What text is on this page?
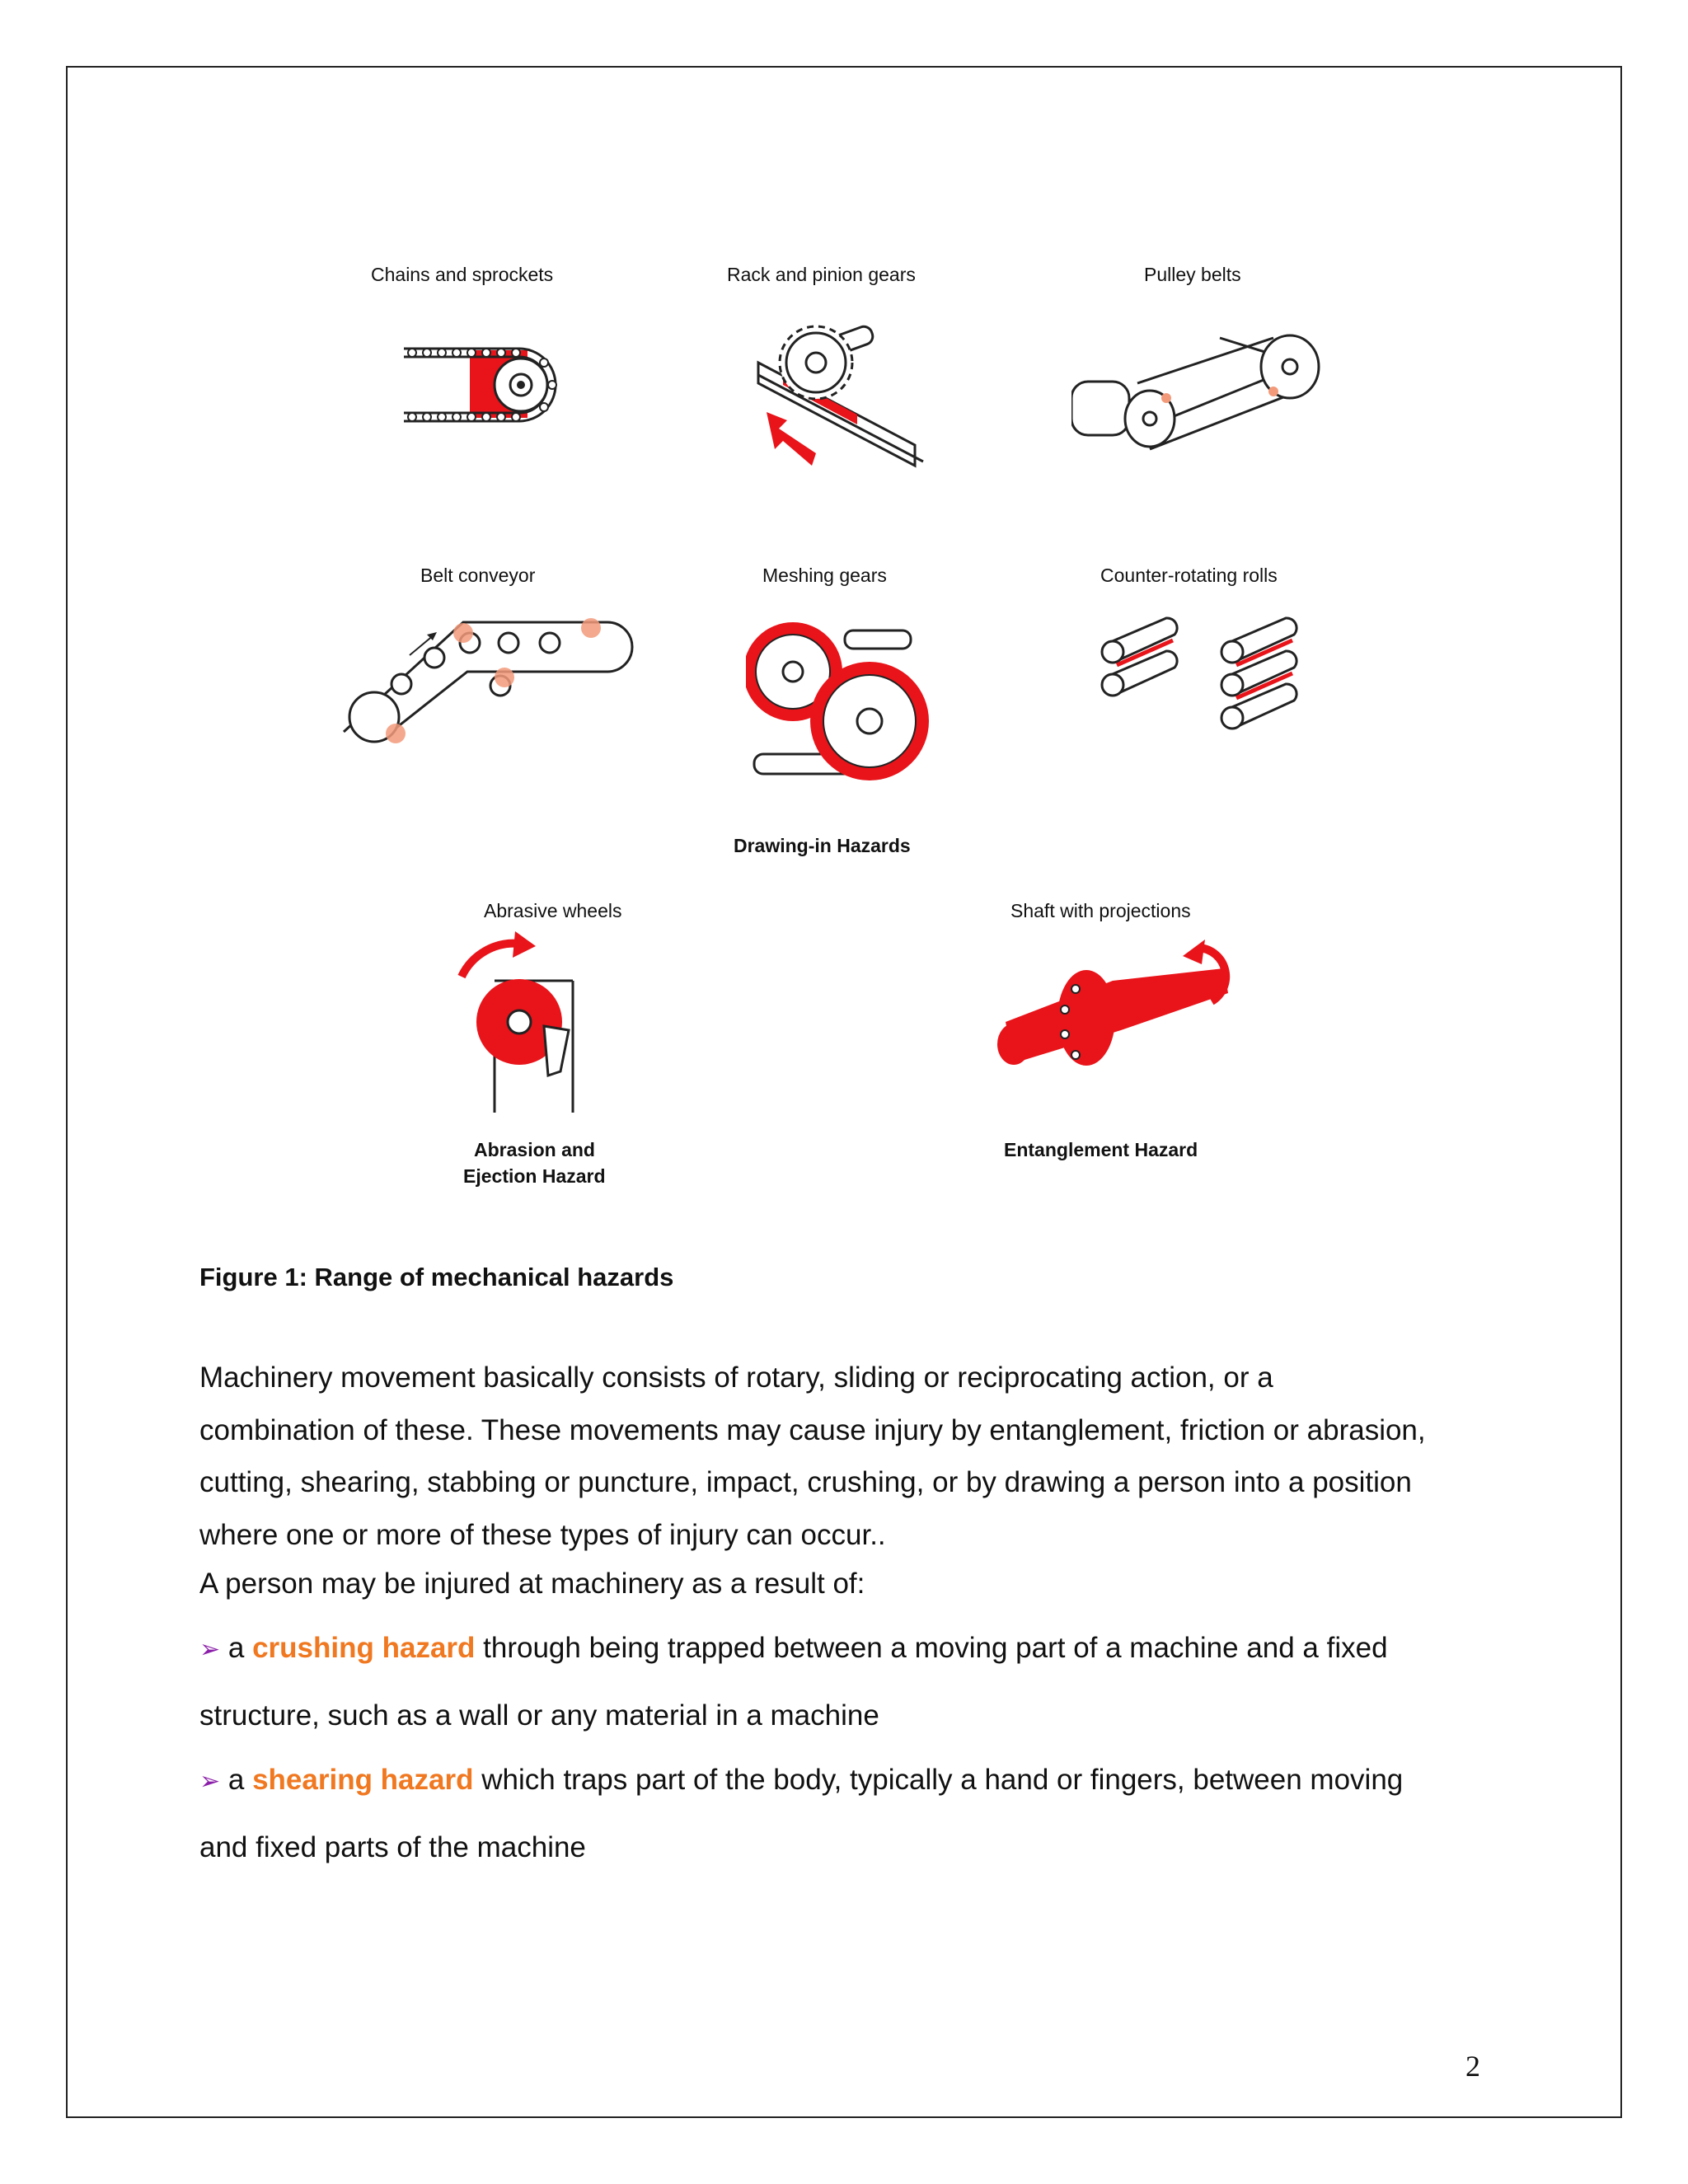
Chains and sprockets	Rack and pinion gears	Pulley belts
Belt conveyor	Meshing gears	Counter-rotating rolls
Drawing-in Hazards
Abrasive wheels	Shaft with projections
Abrasion and
Ejection Hazard
Entanglement Hazard
Figure 1: Range of mechanical hazards
Machinery movement basically consists of rotary, sliding or reciprocating action, or a
combination of these. These movements may cause injury by entanglement, friction or abrasion,
cutting, shearing, stabbing or puncture, impact, crushing, or by drawing a person into a position
where one or more of these types of injury can occur..
A person may be injured at machinery as a result of:
➢ a crushing hazard through being trapped between a moving part of a machine and a fixed
structure, such as a wall or any material in a machine
➢ a shearing hazard which traps part of the body, typically a hand or fingers, between moving
and fixed parts of the machine
2
